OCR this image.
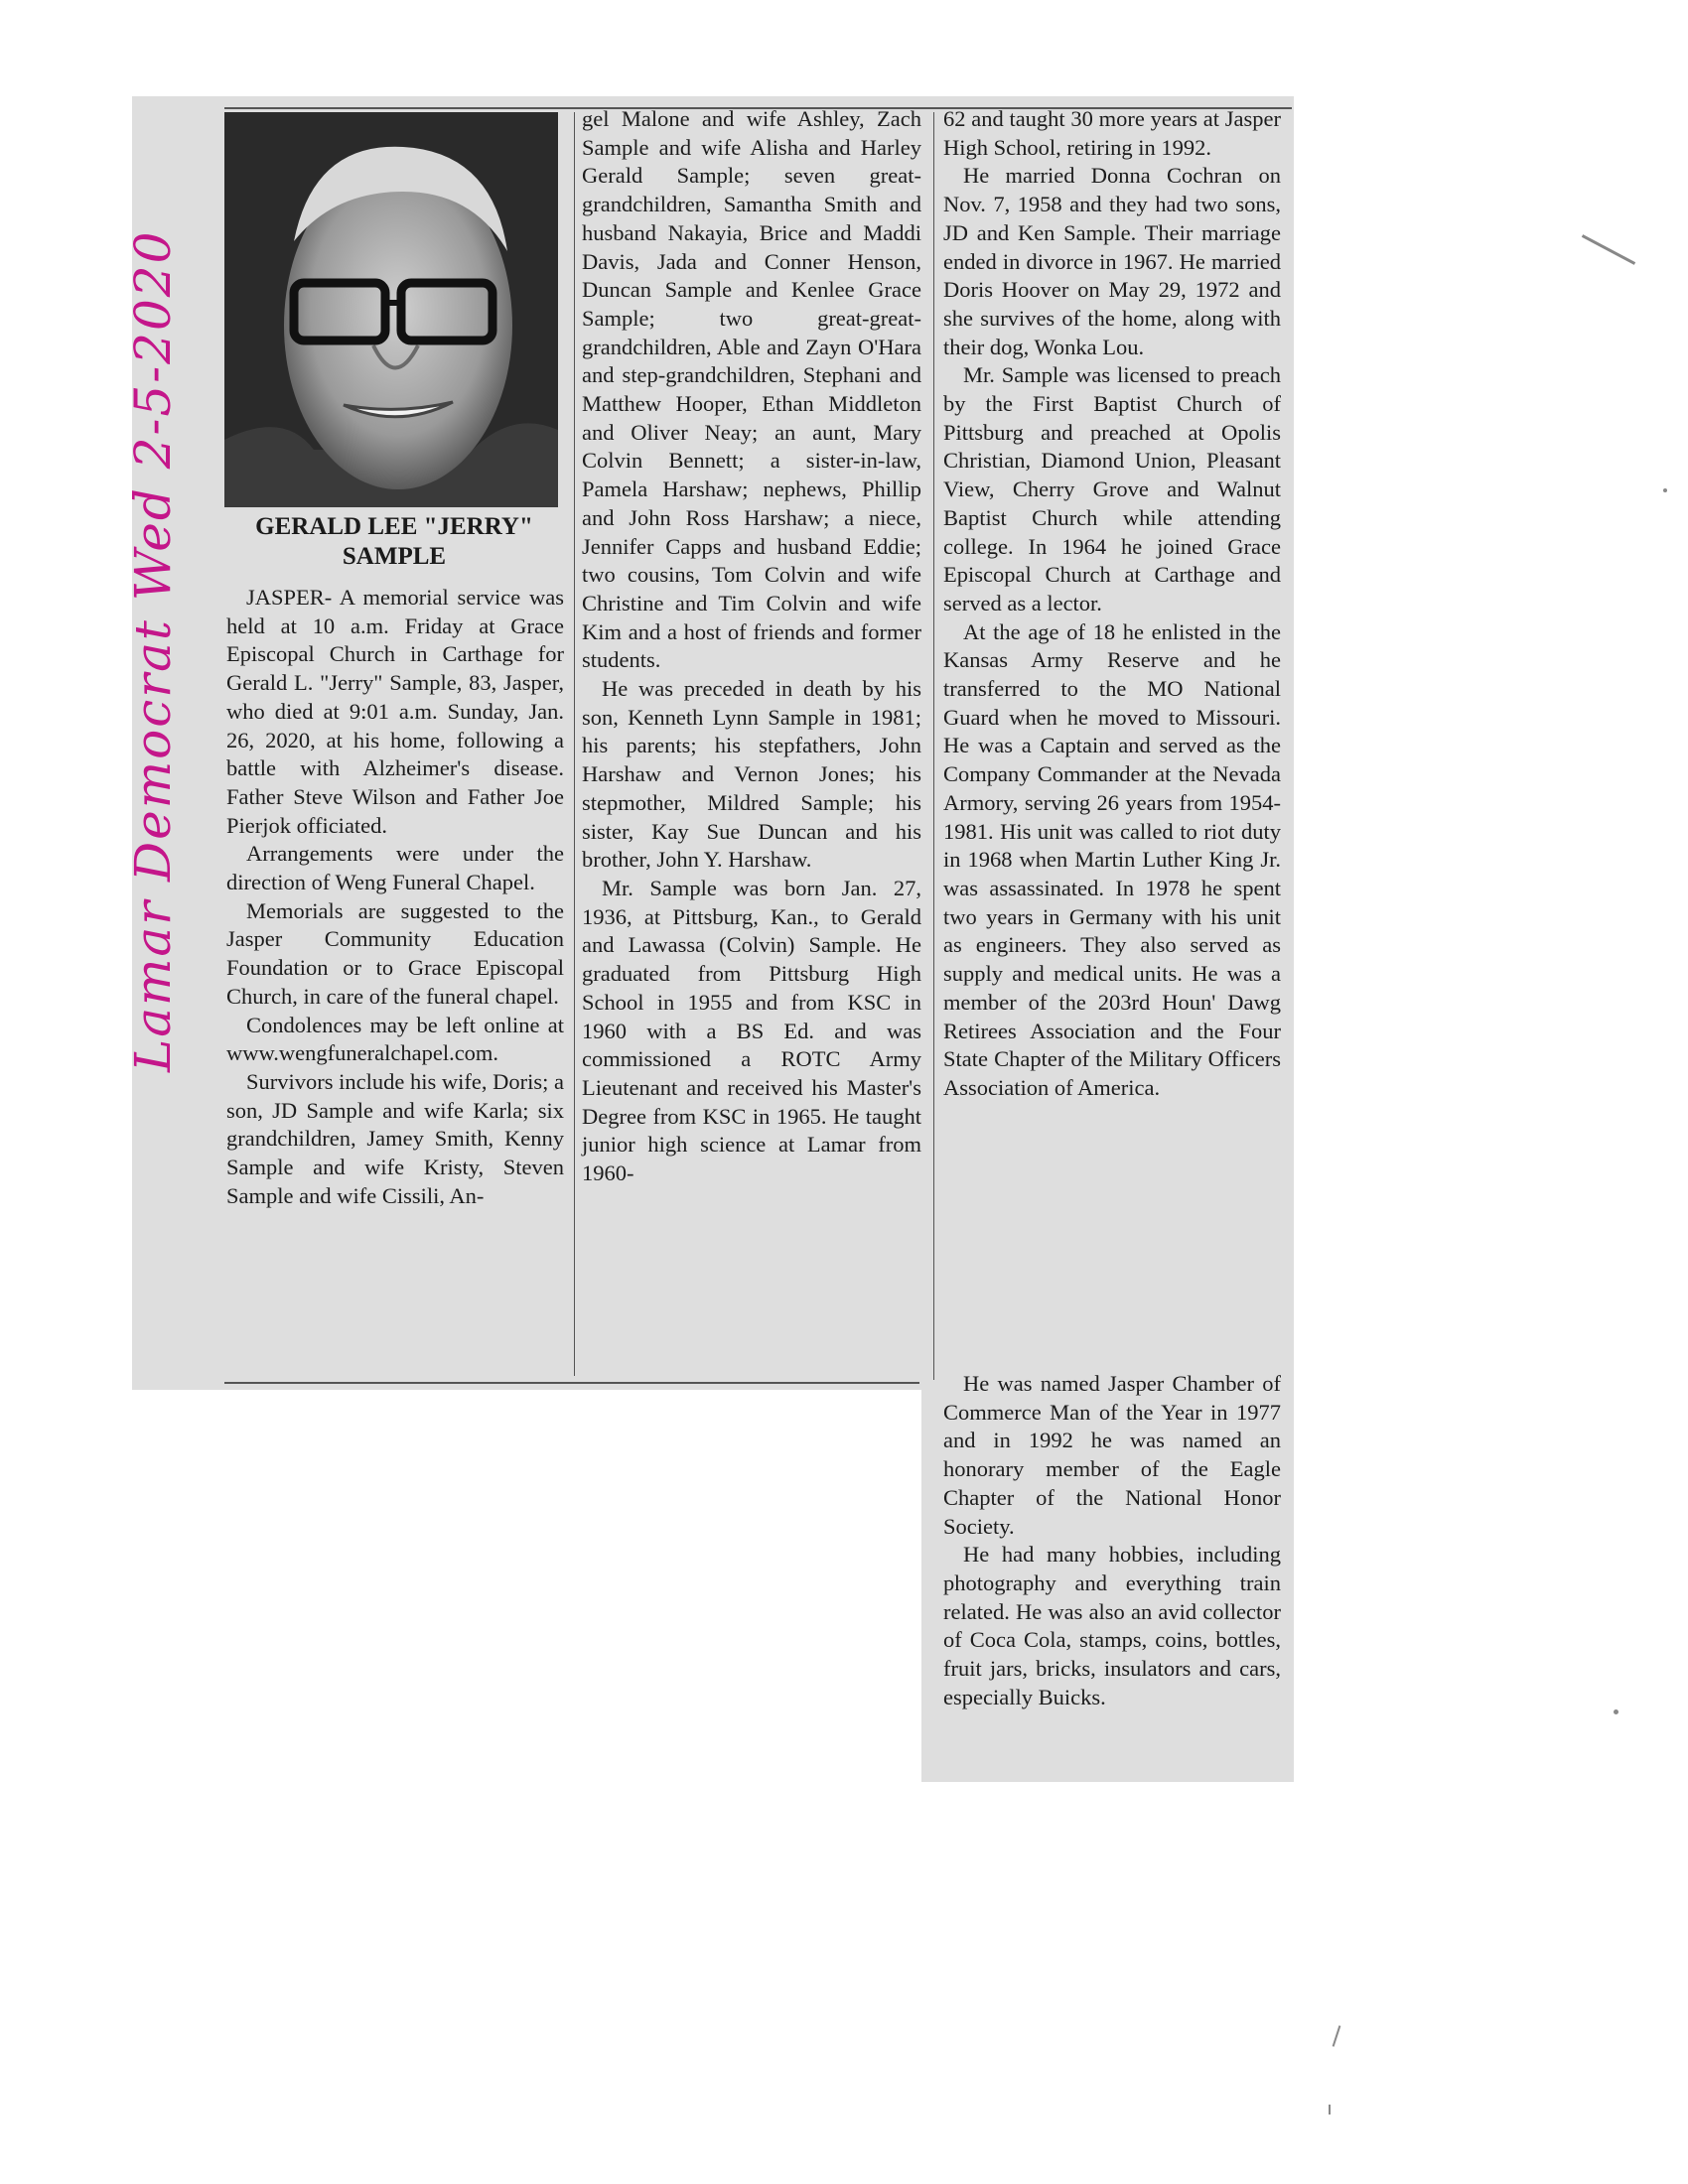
GERALD LEE "JERRY"
SAMPLE
Lamar Democrat Wed 2-5-2020	JASPER- A memorial service was held at 10 a.m. Friday at Grace Episcopal Church in Carthage for Gerald L. "Jerry" Sample, 83, Jasper, who died at 9:01 a.m. Sunday, Jan. 26, 2020, at his home, following a battle with Alzheimer's disease. Father Steve Wilson and Father Joe Pierjok officiated.

Arrangements were under the direction of Weng Funeral Chapel.

Memorials are suggested to the Jasper Community Education Foundation or to Grace Episcopal Church, in care of the funeral chapel.

Condolences may be left online at www.wengfuneralchapel.com.

Survivors include his wife, Doris; a son, JD Sample and wife Karla; six grandchildren, Jamey Smith, Kenny Sample and wife Kristy, Steven Sample and wife Cissili, An-

gel Malone and wife Ashley, Zach Sample and wife Alisha and Harley Gerald Sample; seven great-grandchildren, Samantha Smith and husband Nakayia, Brice and Maddi Davis, Jada and Conner Henson, Duncan Sample and Kenlee Grace Sample; two great-great-grandchildren, Able and Zayn O'Hara and step-grandchildren, Stephani and Matthew Hooper, Ethan Middleton and Oliver Neay; an aunt, Mary Colvin Bennett; a sister-in-law, Pamela Harshaw; nephews, Phillip and John Ross Harshaw; a niece, Jennifer Capps and husband Eddie; two cousins, Tom Colvin and wife Christine and Tim Colvin and wife Kim and a host of friends and former students.

He was preceded in death by his son, Kenneth Lynn Sample in 1981; his parents; his stepfathers, John Harshaw and Vernon Jones; his stepmother, Mildred Sample; his sister, Kay Sue Duncan and his brother, John Y. Harshaw.

Mr. Sample was born Jan. 27, 1936, at Pittsburg, Kan., to Gerald and Lawassa (Colvin) Sample. He graduated from Pittsburg High School in 1955 and from KSC in 1960 with a BS Ed. and was commissioned a ROTC Army Lieutenant and received his Master's Degree from KSC in 1965. He taught junior high science at Lamar from 1960-

62 and taught 30 more years at Jasper High School, retiring in 1992.

He married Donna Cochran on Nov. 7, 1958 and they had two sons, JD and Ken Sample. Their marriage ended in divorce in 1967. He married Doris Hoover on May 29, 1972 and she survives of the home, along with their dog, Wonka Lou.

Mr. Sample was licensed to preach by the First Baptist Church of Pittsburg and preached at Opolis Christian, Diamond Union, Pleasant View, Cherry Grove and Walnut Baptist Church while attending college. In 1964 he joined Grace Episcopal Church at Carthage and served as a lector.

At the age of 18 he enlisted in the Kansas Army Reserve and he transferred to the MO National Guard when he moved to Missouri. He was a Captain and served as the Company Commander at the Nevada Armory, serving 26 years from 1954-1981. His unit was called to riot duty in 1968 when Martin Luther King Jr. was assassinated. In 1978 he spent two years in Germany with his unit as engineers. They also served as supply and medical units. He was a member of the 203rd Houn' Dawg Retirees Association and the Four State Chapter of the Military Officers Association of America.

He was named Jasper Chamber of Commerce Man of the Year in 1977 and in 1992 he was named an honorary member of the Eagle Chapter of the National Honor Society.

He had many hobbies, including photography and everything train related. He was also an avid collector of Coca Cola, stamps, coins, bottles, fruit jars, bricks, insulators and cars, especially Buicks.
